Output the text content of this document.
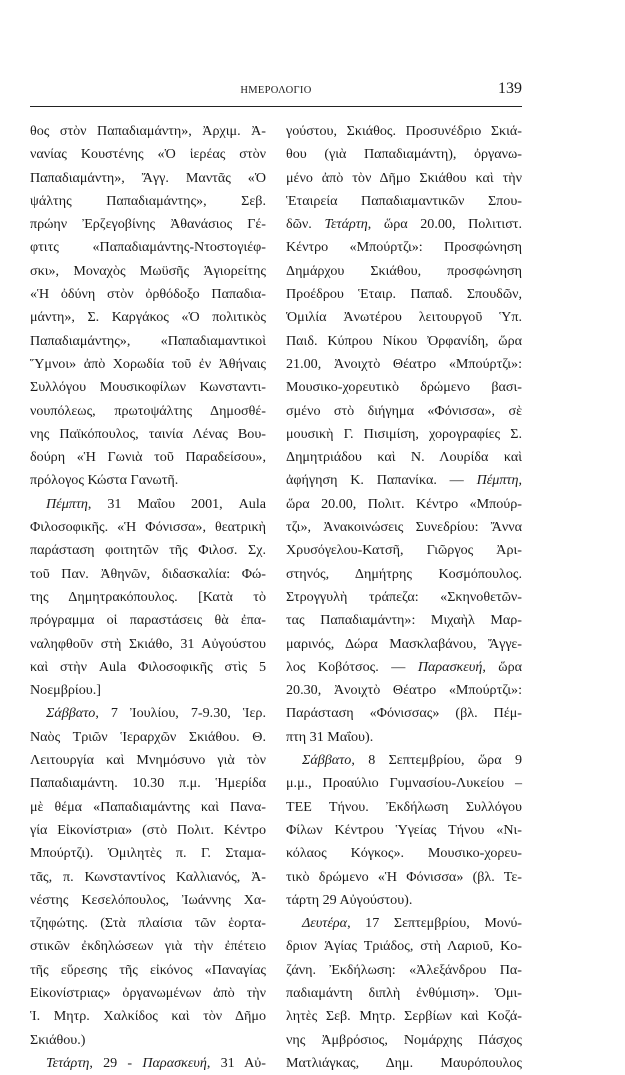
ΗΜΕΡΟΛΟΓΙΟ	139
θος στὸν Παπαδιαμάντη», Ἀρχιμ. Ἀ-
νανίας Κουστένης «Ὁ ἱερέας στὸν
Παπαδιαμάντη», Ἄγγ. Μαντᾶς «Ὁ
ψάλτης Παπαδιαμάντης», Σεβ.
πρώην Ἐρζεγοβίνης Ἀθανάσιος Γέ-
φτιτς «Παπαδιαμάντης-Ντοστογιέφ-
σκι», Μοναχὸς Μωϋσῆς Ἁγιορείτης
«Ἡ ὀδύνη στὸν ὀρθόδοξο Παπαδια-
μάντη», Σ. Καργάκος «Ὁ πολιτικὸς
Παπαδιαμάντης», «Παπαδιαμαντικοὶ
Ὕμνοι» ἀπὸ Χορωδία τοῦ ἐν Ἀθήναις
Συλλόγου Μουσικοφίλων Κωνσταντι-
νουπόλεως, πρωτοψάλτης Δημοσθέ-
νης Παϊκόπουλος, ταινία Λένας Βου-
δούρη «Ἡ Γωνιὰ τοῦ Παραδείσου»,
πρόλογος Κώστα Γανωτῆ.
Πέμπτη, 31 Μαΐου 2001, Aula
Φιλοσοφικῆς. «Ἡ Φόνισσα», θεατρικὴ
παράσταση φοιτητῶν τῆς Φιλοσ. Σχ.
τοῦ Παν. Ἀθηνῶν, διδασκαλία: Φώ-
της Δημητρακόπουλος. [Κατὰ τὸ
πρόγραμμα οἱ παραστάσεις θὰ ἐπα-
ναληφθοῦν στὴ Σκιάθο, 31 Αὐγούστου
καὶ στὴν Aula Φιλοσοφικῆς στὶς 5
Νοεμβρίου.]
Σάββατο, 7 Ἰουλίου, 7-9.30, Ἱερ.
Ναὸς Τριῶν Ἱεραρχῶν Σκιάθου. Θ.
Λειτουργία καὶ Μνημόσυνο γιὰ τὸν
Παπαδιαμάντη. 10.30 π.μ. Ἡμερίδα
μὲ θέμα «Παπαδιαμάντης καὶ Πανα-
γία Εἰκονίστρια» (στὸ Πολιτ. Κέντρο
Μπούρτζι). Ὁμιλητὲς π. Γ. Σταμα-
τᾶς, π. Κωνσταντίνος Καλλιανός, Ἀ-
νέστης Κεσελόπουλος, Ἰωάννης Χα-
τζηφώτης. (Στὰ πλαίσια τῶν ἑορτα-
στικῶν ἐκδηλώσεων γιὰ τὴν ἐπέτειο
τῆς εὕρεσης τῆς εἰκόνος «Παναγίας
Εἰκονίστριας» ὀργανωμένων ἀπὸ τὴν
Ἱ. Μητρ. Χαλκίδος καὶ τὸν Δῆμο
Σκιάθου.)
Τετάρτη, 29 - Παρασκευή, 31 Αὐ-
γούστου, Σκιάθος. Προσυνέδριο Σκιά-
θου (γιὰ Παπαδιαμάντη), ὀργανω-
μένο ἀπὸ τὸν Δῆμο Σκιάθου καὶ τὴν
Ἑταιρεία Παπαδιαμαντικῶν Σπου-
δῶν. Τετάρτη, ὥρα 20.00, Πολιτιστ.
Κέντρο «Μπούρτζι»: Προσφώνηση
Δημάρχου Σκιάθου, προσφώνηση
Προέδρου Ἑταιρ. Παπαδ. Σπουδῶν,
Ὁμιλία Ἀνωτέρου λειτουργοῦ Ὑπ.
Παιδ. Κύπρου Νίκου Ὀρφανίδη, ὥρα
21.00, Ἀνοιχτὸ Θέατρο «Μπούρτζι»:
Μουσικο-χορευτικὸ δρώμενο βασι-
σμένο στὸ διήγημα «Φόνισσα», σὲ
μουσικὴ Γ. Πισιμίση, χορογραφίες Σ.
Δημητριάδου καὶ Ν. Λουρίδα καὶ
ἀφήγηση Κ. Παπανίκα. — Πέμπτη,
ὥρα 20.00, Πολιτ. Κέντρο «Μπούρ-
τζι», Ἀνακοινώσεις Συνεδρίου: Ἄννα
Χρυσόγελου-Κατσῆ, Γιῶργος Ἀρι-
στηνός, Δημήτρης Κοσμόπουλος.
Στρογγυλὴ τράπεζα: «Σκηνοθετῶν-
τας Παπαδιαμάντη»: Μιχαὴλ Μαρ-
μαρινός, Δώρα Μασκλαβάνου, Ἄγγε-
λος Κοβότσος. — Παρασκευή, ὥρα
20.30, Ἀνοιχτὸ Θέατρο «Μπούρτζι»:
Παράσταση «Φόνισσας» (βλ. Πέμ-
πτη 31 Μαΐου).
Σάββατο, 8 Σεπτεμβρίου, ὥρα 9
μ.μ., Προαύλιο Γυμνασίου-Λυκείου –
ΤΕΕ Τήνου. Ἐκδήλωση Συλλόγου
Φίλων Κέντρου Ὑγείας Τήνου «Νι-
κόλαος Κόγκος». Μουσικο-χορευ-
τικὸ δρώμενο «Ἡ Φόνισσα» (βλ. Τε-
τάρτη 29 Αὐγούστου).
Δευτέρα, 17 Σεπτεμβρίου, Μονύ-
δριον Ἁγίας Τριάδος, στὴ Λαριοῦ, Κο-
ζάνη. Ἐκδήλωση: «Ἀλεξάνδρου Πα-
παδιαμάντη διπλὴ ἐνθύμιση». Ὁμι-
λητὲς Σεβ. Μητρ. Σερβίων καὶ Κοζά-
νης Ἀμβρόσιος, Νομάρχης Πάσχος
Ματλιάγκας, Δημ. Μαυρόπουλος
